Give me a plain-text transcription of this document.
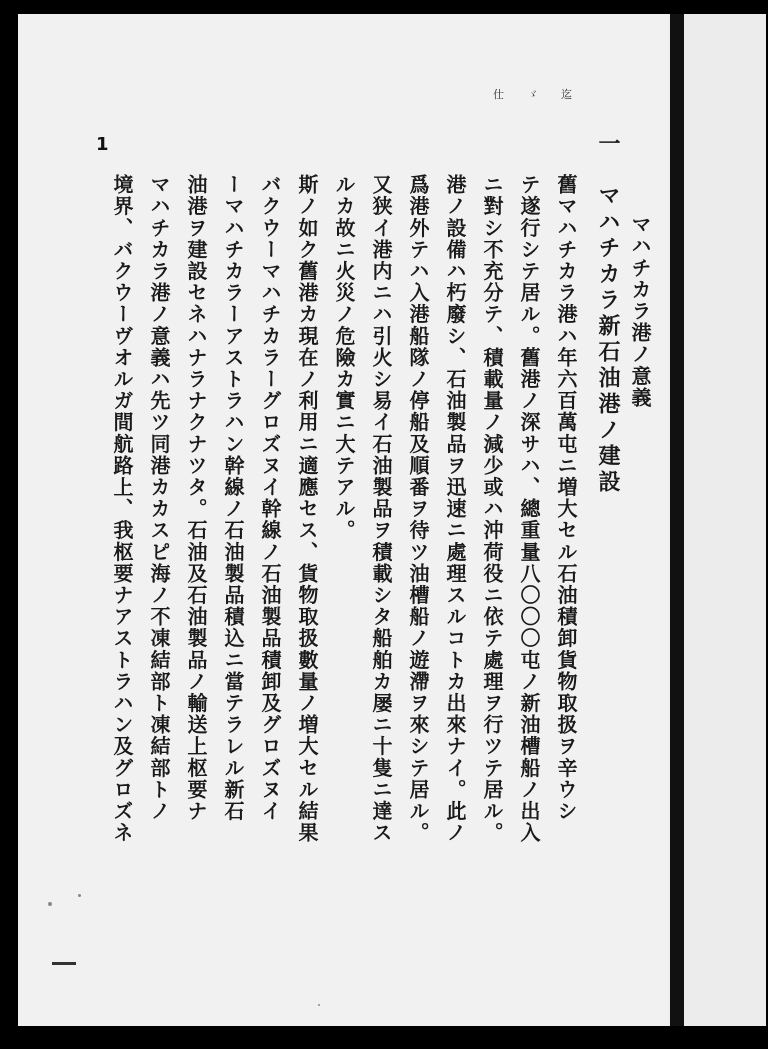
仕　ゞ　迄
1	一　マハチカラ新石油港ノ建設 マハチカラ港ノ意義
舊マハチカラ港ハ年六百萬屯ニ増大セル石油積卸貨物取扱ヲ辛ウシ
テ遂行シテ居ル。舊港ノ深サハ、總重量八〇〇〇屯ノ新油槽船ノ出入
ニ對シ不充分テ、積載量ノ減少或ハ沖荷役ニ依テ處理ヲ行ツテ居ル。
港ノ設備ハ朽廢シ、石油製品ヲ迅速ニ處理スルコトカ出來ナイ。此ノ
爲港外テハ入港船隊ノ停船及順番ヲ待ツ油槽船ノ遊滯ヲ來シテ居ル。
又狭イ港内ニハ引火シ易イ石油製品ヲ積載シタ船舶カ屡ニ十隻ニ達ス
ルカ故ニ火災ノ危險カ實ニ大テアル。
斯ノ如ク舊港カ現在ノ利用ニ適應セス、貨物取扱數量ノ増大セル結果
バクウーマハチカラーグロズヌイ幹線ノ石油製品積卸及グロズヌイ
ーマハチカラーアストラハン幹線ノ石油製品積込ニ當テラレル新石
油港ヲ建設セネハナラナクナツタ。石油及石油製品ノ輸送上枢要ナ
マハチカラ港ノ意義ハ先ツ同港カカスピ海ノ不凍結部ト凍結部トノ
境界、バクウーヴオルガ間航路上、我枢要ナアストラハン及グロズネ
